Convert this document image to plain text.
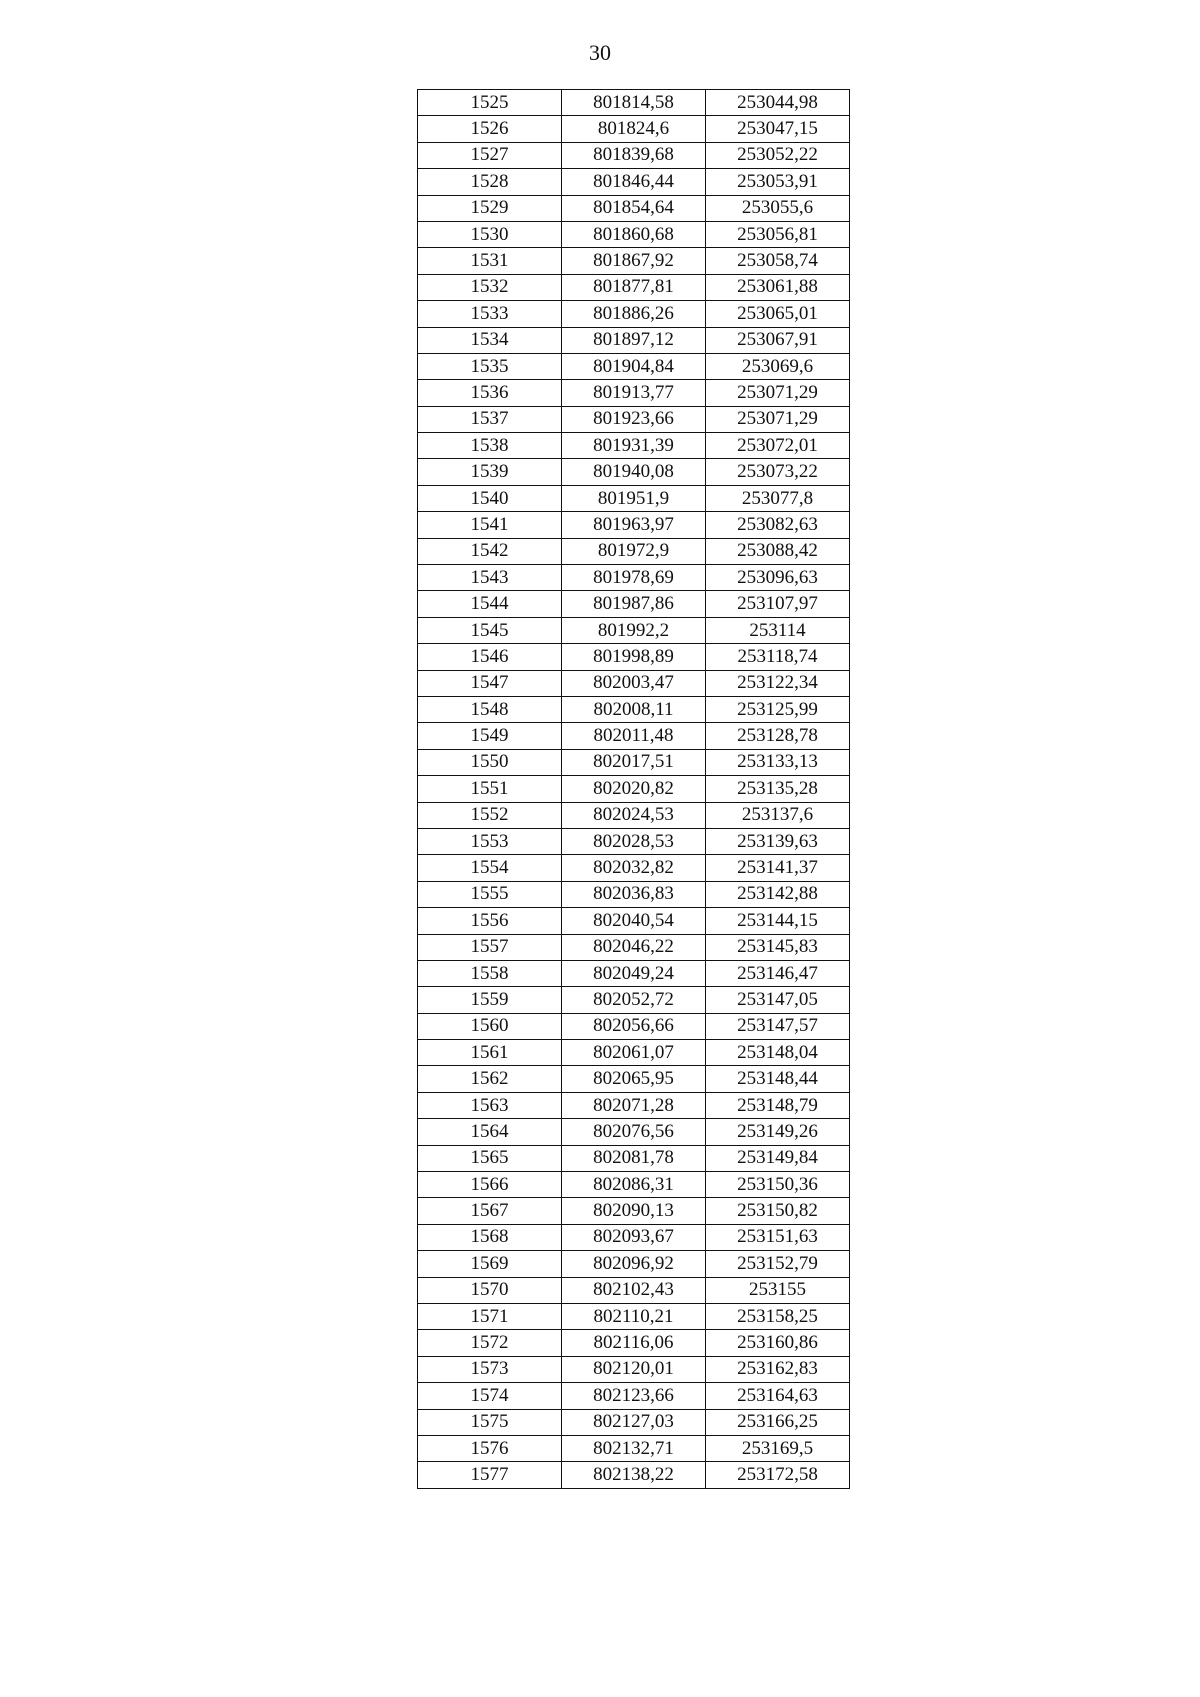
30
1525	801814,58	253044,98
1526	801824,6	253047,15
1527	801839,68	253052,22
1528	801846,44	253053,91
1529	801854,64	253055,6
1530	801860,68	253056,81
1531	801867,92	253058,74
1532	801877,81	253061,88
1533	801886,26	253065,01
1534	801897,12	253067,91
1535	801904,84	253069,6
1536	801913,77	253071,29
1537	801923,66	253071,29
1538	801931,39	253072,01
1539	801940,08	253073,22
1540	801951,9	253077,8
1541	801963,97	253082,63
1542	801972,9	253088,42
1543	801978,69	253096,63
1544	801987,86	253107,97
1545	801992,2	253114
1546	801998,89	253118,74
1547	802003,47	253122,34
1548	802008,11	253125,99
1549	802011,48	253128,78
1550	802017,51	253133,13
1551	802020,82	253135,28
1552	802024,53	253137,6
1553	802028,53	253139,63
1554	802032,82	253141,37
1555	802036,83	253142,88
1556	802040,54	253144,15
1557	802046,22	253145,83
1558	802049,24	253146,47
1559	802052,72	253147,05
1560	802056,66	253147,57
1561	802061,07	253148,04
1562	802065,95	253148,44
1563	802071,28	253148,79
1564	802076,56	253149,26
1565	802081,78	253149,84
1566	802086,31	253150,36
1567	802090,13	253150,82
1568	802093,67	253151,63
1569	802096,92	253152,79
1570	802102,43	253155
1571	802110,21	253158,25
1572	802116,06	253160,86
1573	802120,01	253162,83
1574	802123,66	253164,63
1575	802127,03	253166,25
1576	802132,71	253169,5
1577	802138,22	253172,58
